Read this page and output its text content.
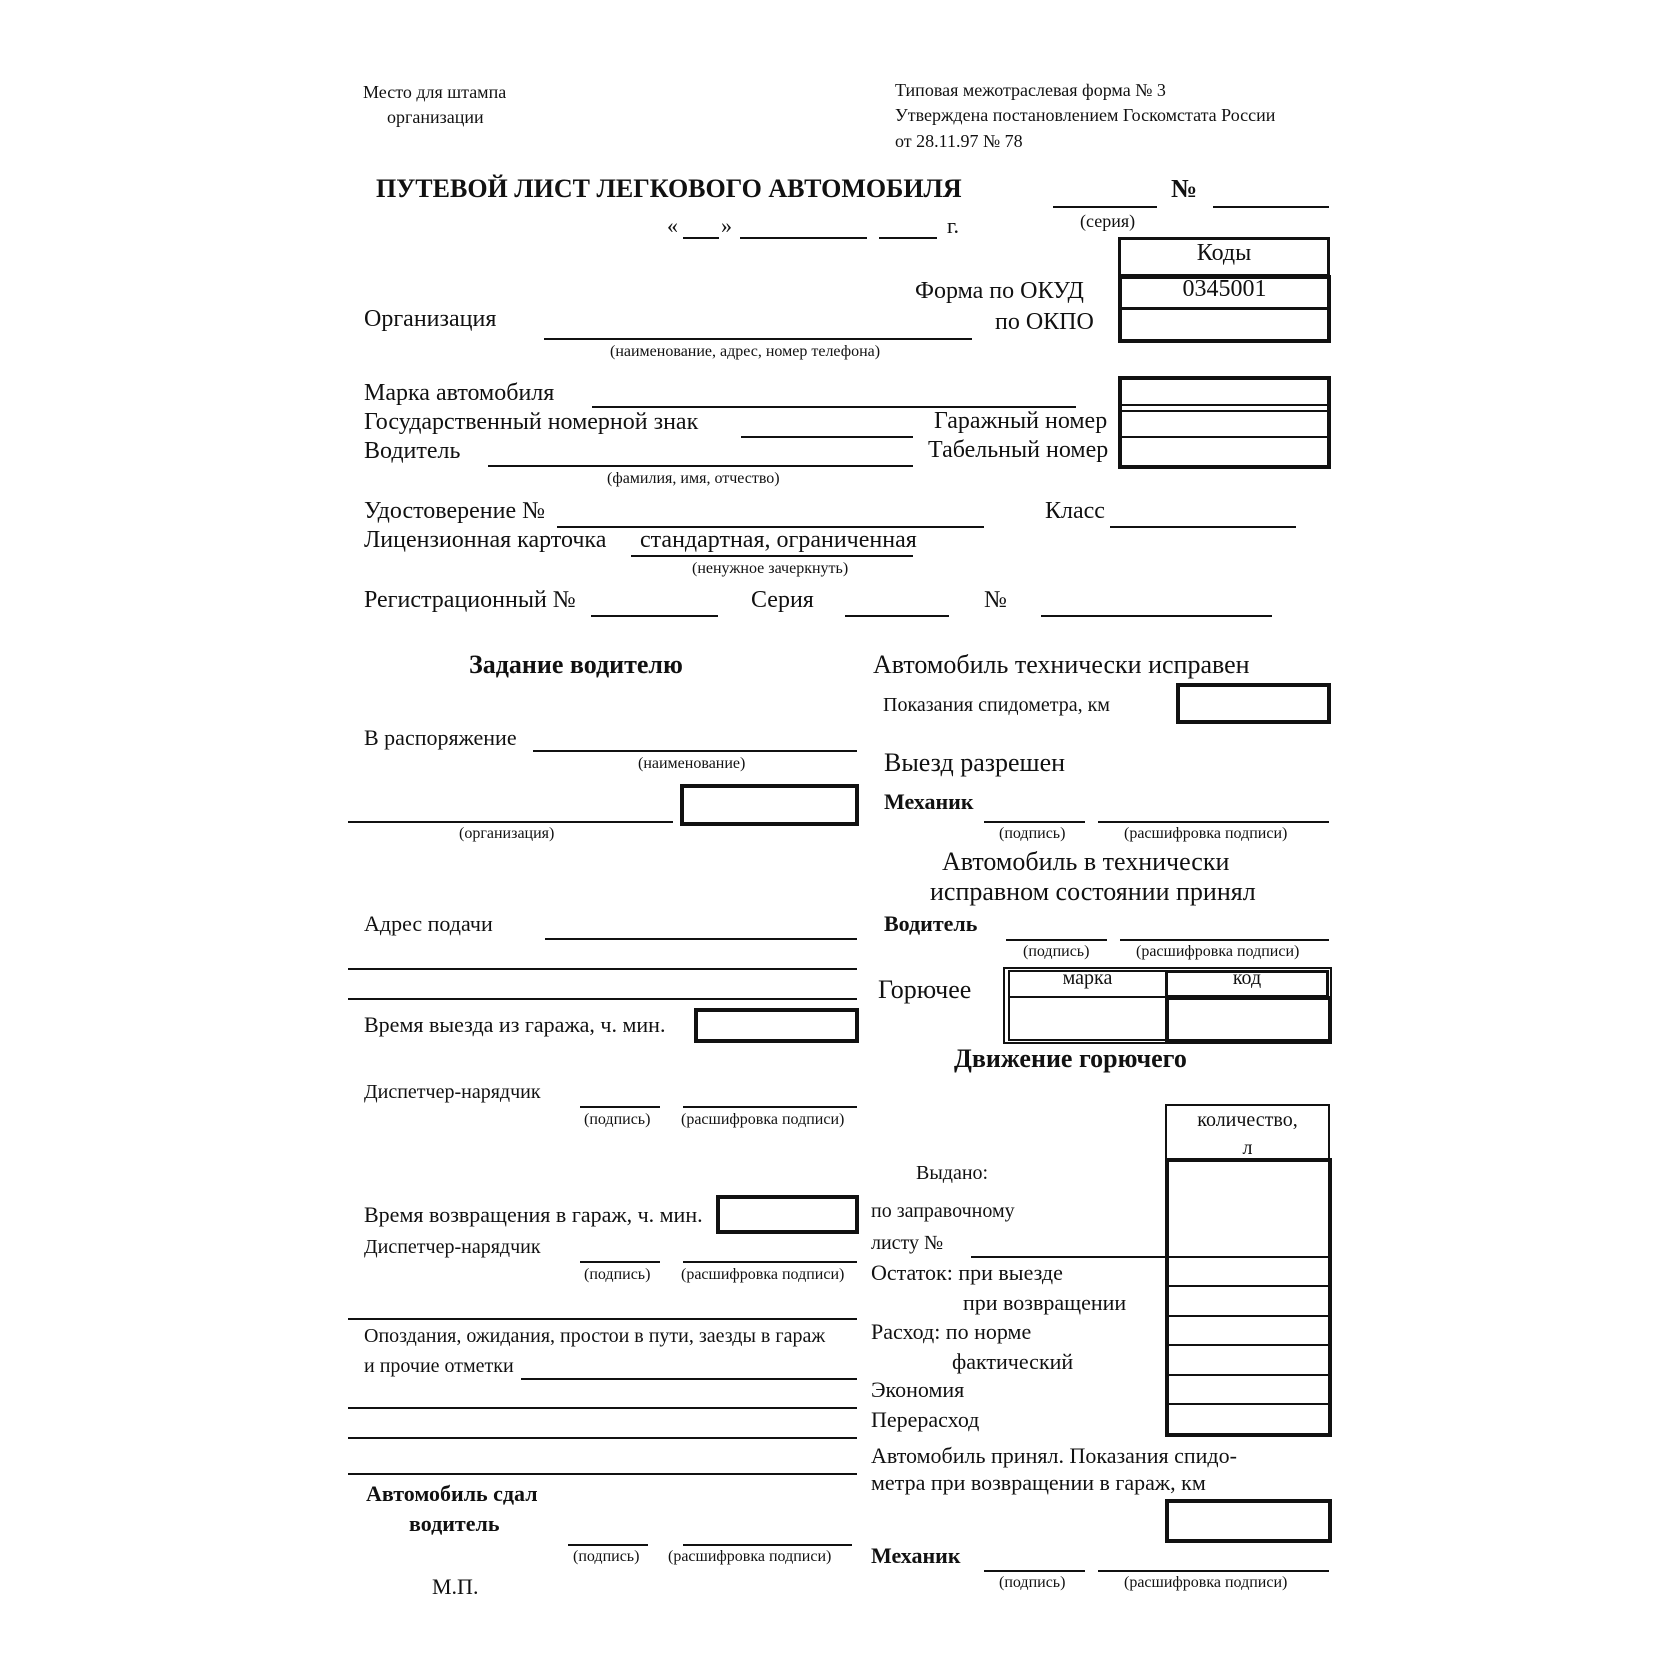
Место для штампа
организации
Типовая межотраслевая форма № 3
Утверждена постановлением Госкомстата России
от 28.11.97 № 78
ПУТЕВОЙ ЛИСТ ЛЕГКОВОГО АВТОМОБИЛЯ	№
(серия)
« »	г.
Коды
0345001
Форма по ОКУД
по ОКПО
Организация
(наименование, адрес, номер телефона)
Марка автомобиля
Государственный номерной знак	Гаражный номер
Водитель	Табельный номер
(фамилия, имя, отчество)
Удостоверение №	Класс
Лицензионная карточка стандартная, ограниченная
(ненужное зачеркнуть)
Регистрационный №	Серия	№
Задание водителю
В распоряжение
(наименование)
(организация)
Адрес подачи
Время выезда из гаража, ч. мин.
Диспетчер-нарядчик
(подпись) (расшифровка подписи)
Время возвращения в гараж, ч. мин.
Диспетчер-нарядчик
(подпись) (расшифровка подписи)
Опоздания, ожидания, простои в пути, заезды в гараж
и прочие отметки
Автомобиль сдал
водитель
(подпись) (расшифровка подписи)
М.П.
Автомобиль технически исправен
Показания спидометра, км
Выезд разрешен
Механик
(подпись)	(расшифровка подписи)
Автомобиль в технически
исправном состоянии принял
Водитель
(подпись)	(расшифровка подписи)
Горючее	марка	код
Движение горючего
количество,
л
Выдано:
по заправочному
листу №
Остаток: при выезде
при возвращении
Расход: по норме
фактический
Экономия
Перерасход
Автомобиль принял. Показания спидо-
метра при возвращении в гараж, км
Механик
(подпись)	(расшифровка подписи)
